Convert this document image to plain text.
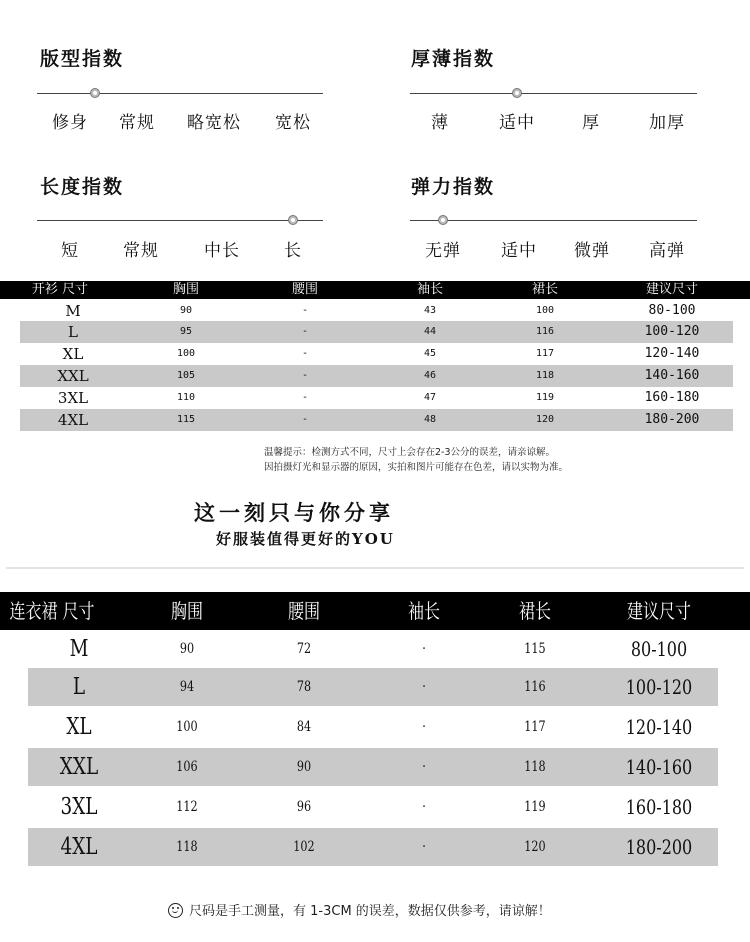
版型指数
修身 常规 略宽松 宽松
厚薄指数
薄	适中	厚	加厚
长度指数
短	常规	中长	长
弹力指数
无弹 适中 微弹 高弹
开衫 尺寸	胸围	腰围	袖长	裙长	建议尺寸
M	90	-	43	100	80-100
L	95	-	44	116	100-120
XL	100	-	45	117	120-140
XXL	105	-	46	118	140-160
3XL	110	-	47	119	160-180
4XL	115	-	48	120	180-200
温馨提示：检测方式不同，尺寸上会存在2-3公分的误差，请亲谅解。
因拍摄灯光和显示器的原因，实拍和图片可能存在色差，请以实物为准。
这一刻只与你分享
好服装值得更好的YOU
连衣裙 尺寸	胸围	腰围	袖长	裙长	建议尺寸
M	90	72	·	115	80-100
L	94	78	·	116	100-120
XL	100	84	·	117	120-140
XXL	106	90	·	118	140-160
3XL	112	96	·	119	160-180
4XL	118	102	·	120	180-200
尺码是手工测量，有 1-3CM 的误差，数据仅供参考，请谅解！
